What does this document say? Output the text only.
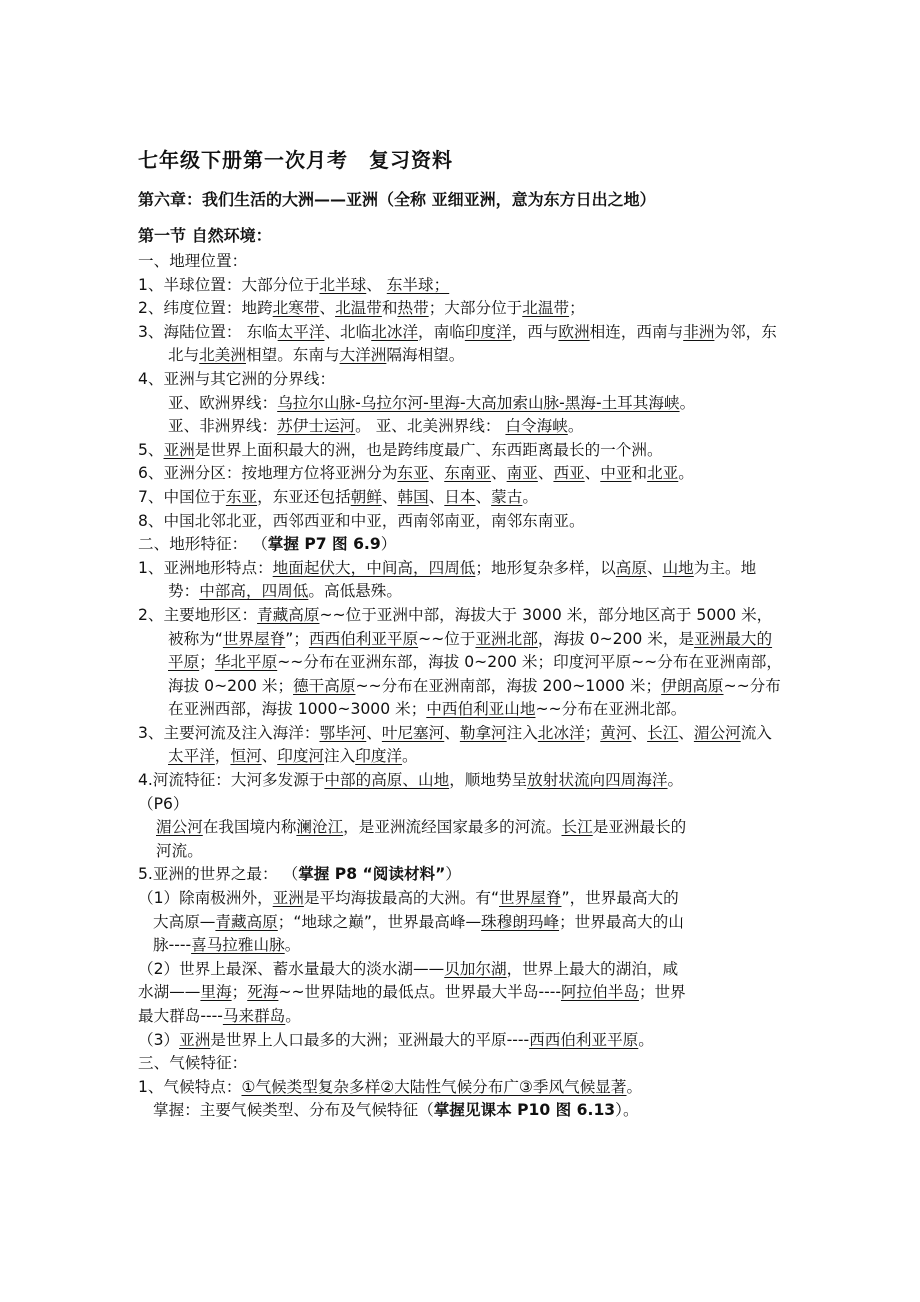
七年级下册第一次月考　复习资料
第六章：我们生活的大洲——亚洲（全称 亚细亚洲，意为东方日出之地）
第一节 自然环境：
一、地理位置：
1、半球位置：大部分位于北半球、 东半球；
2、纬度位置：地跨北寒带、北温带和热带；大部分位于北温带；
3、海陆位置： 东临太平洋、北临北冰洋，南临印度洋，西与欧洲相连，西南与非洲为邻，东北与北美洲相望。东南与大洋洲隔海相望。
4、亚洲与其它洲的分界线：
亚、欧洲界线：乌拉尔山脉-乌拉尔河-里海-大高加索山脉-黑海-土耳其海峡。
亚、非洲界线：苏伊士运河。 亚、北美洲界线： 白令海峡。
5、亚洲是世界上面积最大的洲，也是跨纬度最广、东西距离最长的一个洲。
6、亚洲分区：按地理方位将亚洲分为东亚、东南亚、南亚、西亚、中亚和北亚。
7、中国位于东亚，东亚还包括朝鲜、韩国、日本、蒙古。
8、中国北邻北亚，西邻西亚和中亚，西南邻南亚，南邻东南亚。
二、地形特征： （掌握 P7 图 6.9）
1、亚洲地形特点：地面起伏大，中间高，四周低；地形复杂多样，以高原、山地为主。地势：中部高，四周低。高低悬殊。
2、主要地形区：青藏高原~~位于亚洲中部，海拔大于 3000 米，部分地区高于 5000 米，被称为“世界屋脊”；西西伯利亚平原~~位于亚洲北部，海拔 0~200 米，是亚洲最大的平原；华北平原~~分布在亚洲东部，海拔 0~200 米；印度河平原~~分布在亚洲南部，海拔 0~200 米；德干高原~~分布在亚洲南部，海拔 200~1000 米；伊朗高原~~分布在亚洲西部，海拔 1000~3000 米；中西伯利亚山地~~分布在亚洲北部。
3、主要河流及注入海洋：鄂毕河、叶尼塞河、勒拿河注入北冰洋；黄河、长江、湄公河流入太平洋，恒河、印度河注入印度洋。
4.河流特征：大河多发源于中部的高原、山地，顺地势呈放射状流向四周海洋。
（P6）
湄公河在我国境内称澜沧江，是亚洲流经国家最多的河流。长江是亚洲最长的
河流。
5.亚洲的世界之最： （掌握 P8 “阅读材料”）
（1）除南极洲外，亚洲是平均海拔最高的大洲。有“世界屋脊”，世界最高大的
大高原—青藏高原；“地球之巅”，世界最高峰—珠穆朗玛峰；世界最高大的山
脉----喜马拉雅山脉。
（2）世界上最深、蓄水量最大的淡水湖——贝加尔湖，世界上最大的湖泊，咸
水湖——里海；死海~~世界陆地的最低点。世界最大半岛----阿拉伯半岛；世界
最大群岛----马来群岛。
（3）亚洲是世界上人口最多的大洲；亚洲最大的平原----西西伯利亚平原。
三、气候特征：
1、气候特点：①气候类型复杂多样②大陆性气候分布广③季风气候显著。
掌握：主要气候类型、分布及气候特征（掌握见课本 P10 图 6.13）。
